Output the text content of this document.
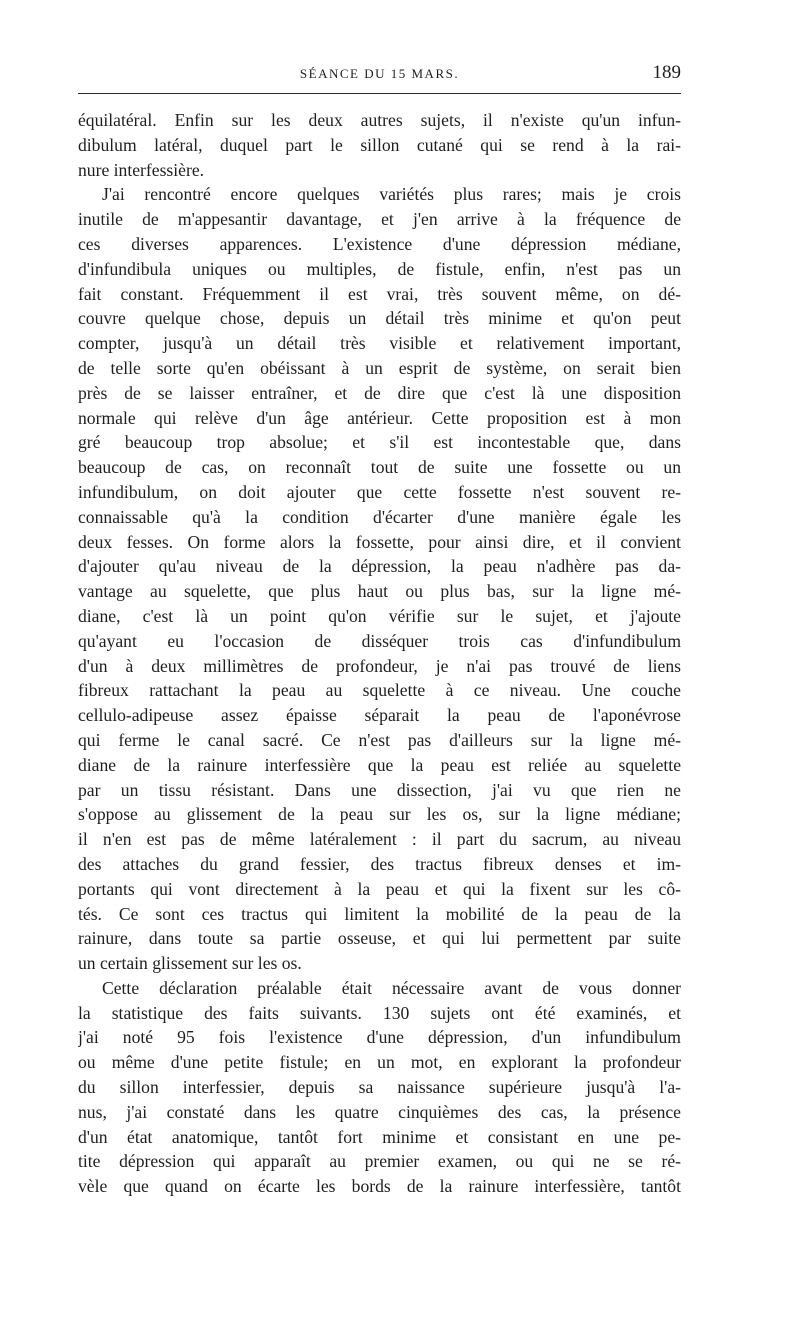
SÉANCE DU 15 MARS.	189
équilatéral. Enfin sur les deux autres sujets, il n'existe qu'un infun-
dibulum latéral, duquel part le sillon cutané qui se rend à la rai-
nure interfessière.
J'ai rencontré encore quelques variétés plus rares; mais je crois
inutile de m'appesantir davantage, et j'en arrive à la fréquence de
ces diverses apparences. L'existence d'une dépression médiane,
d'infundibula uniques ou multiples, de fistule, enfin, n'est pas un
fait constant. Fréquemment il est vrai, très souvent même, on dé-
couvre quelque chose, depuis un détail très minime et qu'on peut
compter, jusqu'à un détail très visible et relativement important,
de telle sorte qu'en obéissant à un esprit de système, on serait bien
près de se laisser entraîner, et de dire que c'est là une disposition
normale qui relève d'un âge antérieur. Cette proposition est à mon
gré beaucoup trop absolue; et s'il est incontestable que, dans
beaucoup de cas, on reconnaît tout de suite une fossette ou un
infundibulum, on doit ajouter que cette fossette n'est souvent re-
connaissable qu'à la condition d'écarter d'une manière égale les
deux fesses. On forme alors la fossette, pour ainsi dire, et il convient
d'ajouter qu'au niveau de la dépression, la peau n'adhère pas da-
vantage au squelette, que plus haut ou plus bas, sur la ligne mé-
diane, c'est là un point qu'on vérifie sur le sujet, et j'ajoute
qu'ayant eu l'occasion de disséquer trois cas d'infundibulum
d'un à deux millimètres de profondeur, je n'ai pas trouvé de liens
fibreux rattachant la peau au squelette à ce niveau. Une couche
cellulo-adipeuse assez épaisse séparait la peau de l'aponévrose
qui ferme le canal sacré. Ce n'est pas d'ailleurs sur la ligne mé-
diane de la rainure interfessière que la peau est reliée au squelette
par un tissu résistant. Dans une dissection, j'ai vu que rien ne
s'oppose au glissement de la peau sur les os, sur la ligne médiane;
il n'en est pas de même latéralement : il part du sacrum, au niveau
des attaches du grand fessier, des tractus fibreux denses et im-
portants qui vont directement à la peau et qui la fixent sur les cô-
tés. Ce sont ces tractus qui limitent la mobilité de la peau de la
rainure, dans toute sa partie osseuse, et qui lui permettent par suite
un certain glissement sur les os.
Cette déclaration préalable était nécessaire avant de vous donner
la statistique des faits suivants. 130 sujets ont été examinés, et
j'ai noté 95 fois l'existence d'une dépression, d'un infundibulum
ou même d'une petite fistule; en un mot, en explorant la profondeur
du sillon interfessier, depuis sa naissance supérieure jusqu'à l'a-
nus, j'ai constaté dans les quatre cinquièmes des cas, la présence
d'un état anatomique, tantôt fort minime et consistant en une pe-
tite dépression qui apparaît au premier examen, ou qui ne se ré-
vèle que quand on écarte les bords de la rainure interfessière, tantôt
